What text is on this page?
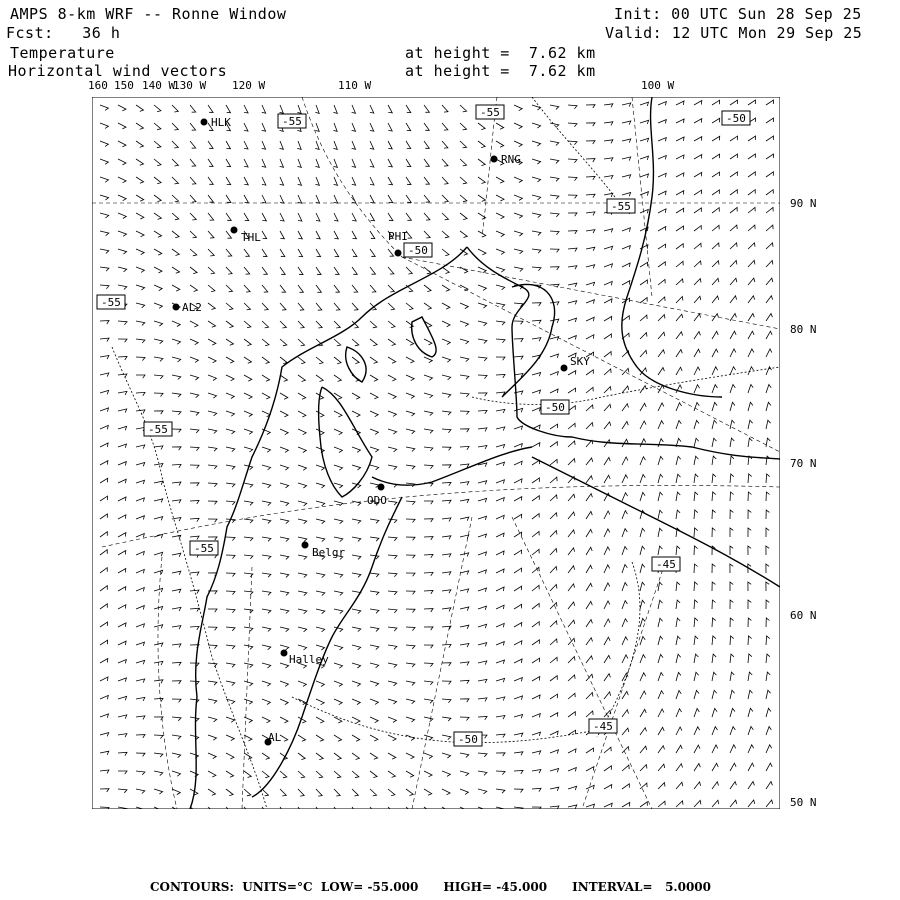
AMPS 8-km WRF -- Ronne Window
Fcst:   36 h
Temperature
Horizontal wind vectors
Init: 00 UTC Sun 28 Sep 25
Valid: 12 UTC Mon 29 Sep 25
at height =  7.62 km
at height =  7.62 km
160 150 140 W
130 W 120 W	110 W	100 W
90 N
80 N
70 N
60 N
50 N
-55
-55	-50
-55
-55
-50
-55
-45
-50
-45
-55
-50
HLK
RNG
THL	PHI
AL2
SKY
ODO
Belgr
Halley
AL
CONTOURS:  UNITS=°C  LOW= -55.000      HIGH= -45.000      INTERVAL=   5.0000
